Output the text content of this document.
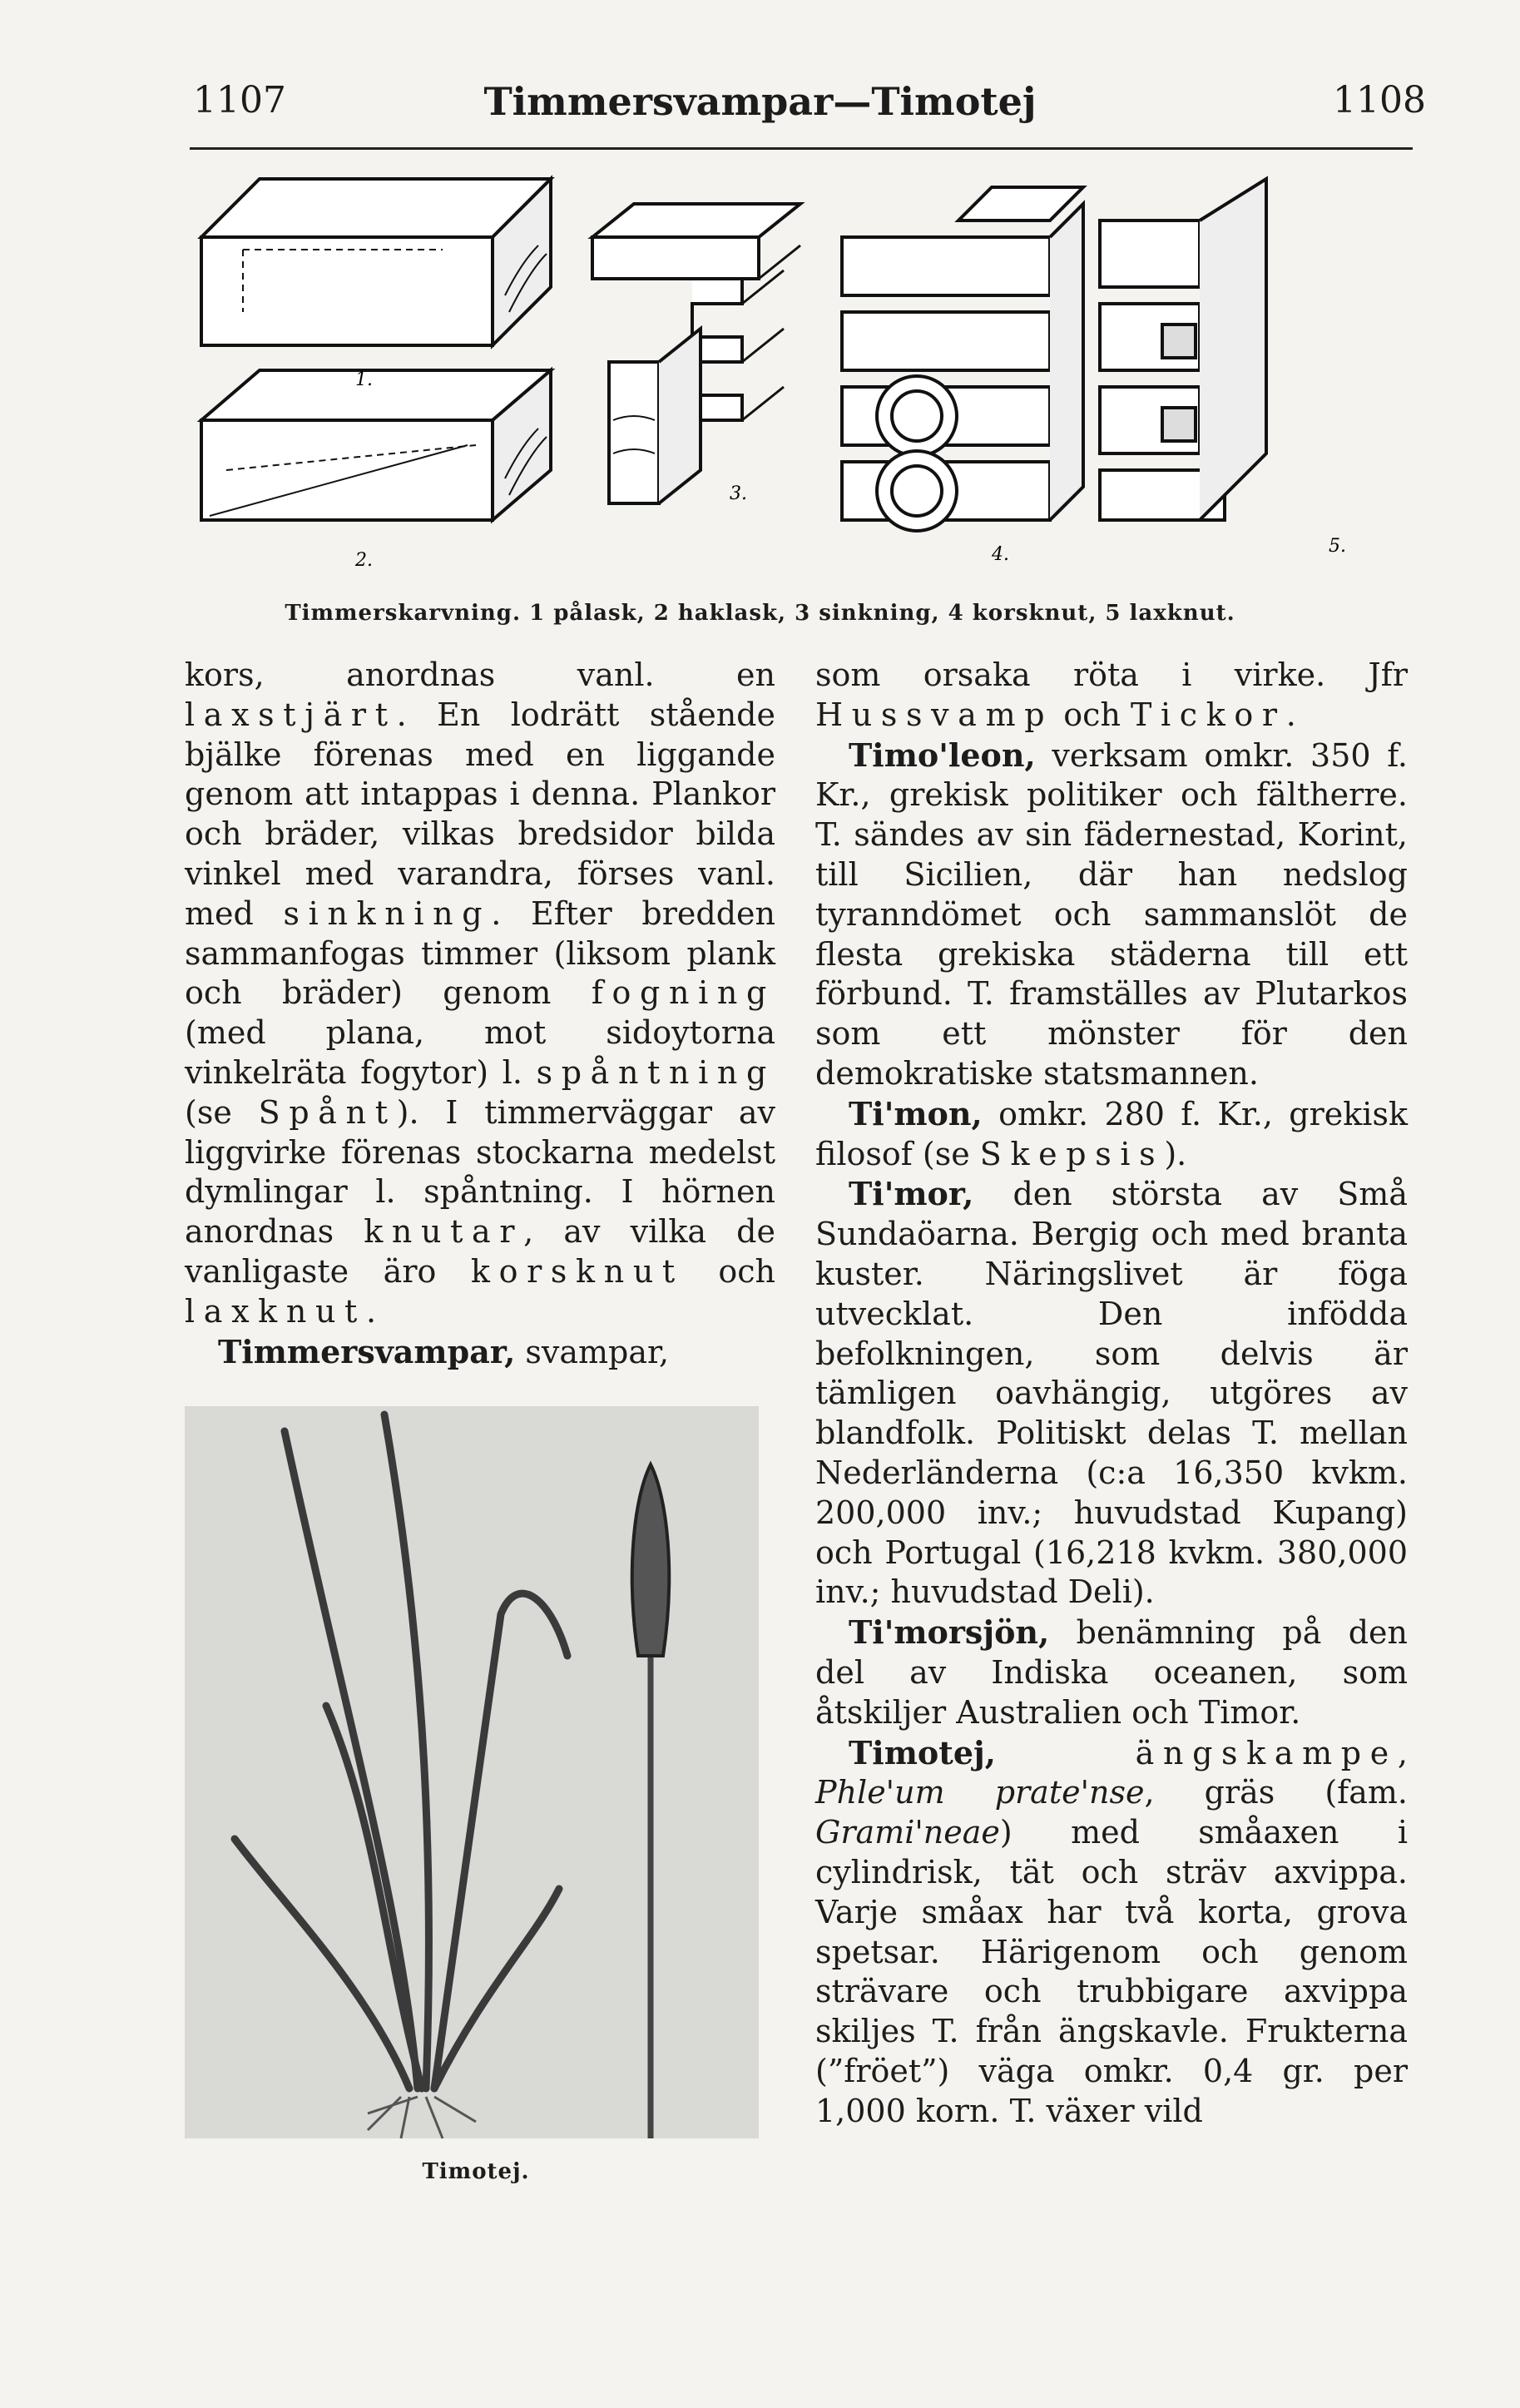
1107	Timmersvampar—Timotej	1108
1.
2.
3.
4.	5.
Timmerskarvning. 1 pålask, 2 haklask, 3 sinkning, 4 korsknut, 5 laxknut.

kors, anordnas vanl. en laxstjärt. En lodrätt stående bjälke förenas med en liggande genom att intappas i denna. Plankor och bräder, vilkas bredsidor bilda vinkel med varandra, förses vanl. med sinkning. Efter bredden sammanfogas timmer (liksom plank och bräder) genom fogning (med plana, mot sidoytorna vinkelräta fogytor) l. spåntning (se Spånt). I timmerväggar av liggvirke förenas stockarna medelst dymlingar l. spåntning. I hörnen anordnas knutar, av vilka de vanligaste äro korsknut och laxknut.

Timmersvampar, svampar,

Timotej.

som orsaka röta i virke. Jfr Hussvamp och Tickor.

Timo'leon, verksam omkr. 350 f. Kr., grekisk politiker och fältherre. T. sändes av sin fädernestad, Korint, till Sicilien, där han nedslog tyranndömet och sammanslöt de flesta grekiska städerna till ett förbund. T. framställes av Plutarkos som ett mönster för den demokratiske statsmannen.

Ti'mon, omkr. 280 f. Kr., grekisk filosof (se Skepsis).

Ti'mor, den största av Små Sundaöarna. Bergig och med branta kuster. Näringslivet är föga utvecklat. Den infödda befolkningen, som delvis är tämligen oavhängig, utgöres av blandfolk. Politiskt delas T. mellan Nederländerna (c:a 16,350 kvkm. 200,000 inv.; huvudstad Kupang) och Portugal (16,218 kvkm. 380,000 inv.; huvudstad Deli).

Ti'morsjön, benämning på den del av Indiska oceanen, som åtskiljer Australien och Timor.

Timotej, ängskampe, Phle'um prate'nse, gräs (fam. Grami'neae) med småaxen i cylindrisk, tät och sträv axvippa. Varje småax har två korta, grova spetsar. Härigenom och genom strävare och trubbigare axvippa skiljes T. från ängskavle. Frukterna (”fröet”) väga omkr. 0,4 gr. per 1,000 korn. T. växer vild
